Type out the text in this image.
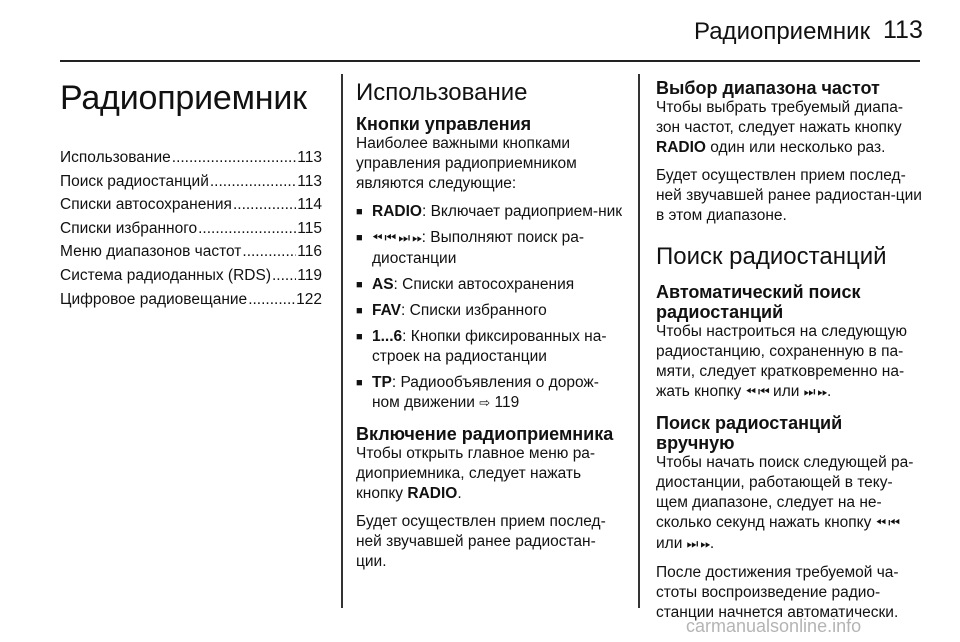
Радиоприемник 113
Радиоприемник
Использование .....	113
Поиск радиостанций .....	113
Списки автосохранения .....	114
Списки избранного .....	115
Меню диапазонов частот .....	116
Система радиоданных (RDS) ..... 119
Цифровое радиовещание .....	122
Использование
Кнопки управления

Наиболее важными кнопками управления радиоприемником являются следующие:

■ RADIO: Включает радиоприем-ник
■ ⏪︎ ⏮︎ ⏭︎ ⏩︎: Выполняют поиск ра-диостанции
■ AS: Списки автосохранения
■ FAV: Списки избранного
■ 1...6: Кнопки фиксированных на-строек на радиостанции
■ TP: Радиообъявления о дорож-ном движении ⇨ 119
Включение радиоприемника

Чтобы открыть главное меню ра-диоприемника, следует нажать кнопку RADIO.

Будет осуществлен прием послед-ней звучавшей ранее радиостан-ции.

Выбор диапазона частот

Чтобы выбрать требуемый диапа-зон частот, следует нажать кнопку RADIO один или несколько раз.

Будет осуществлен прием послед-ней звучавшей ранее радиостан-ции в этом диапазоне.

Поиск радиостанций
Автоматический поиск радиостанций

Чтобы настроиться на следующую радиостанцию, сохраненную в па-мяти, следует кратковременно на-жать кнопку ⏪︎ ⏮︎ или ⏭︎ ⏩︎.

Поиск радиостанций вручную

Чтобы начать поиск следующей ра-диостанции, работающей в теку-щем диапазоне, следует на не-сколько секунд нажать кнопку ⏪︎ ⏮︎ или ⏭︎ ⏩︎.

После достижения требуемой ча-стоты воспроизведение радио-станции начнется автоматически.

carmanualsonline.info
